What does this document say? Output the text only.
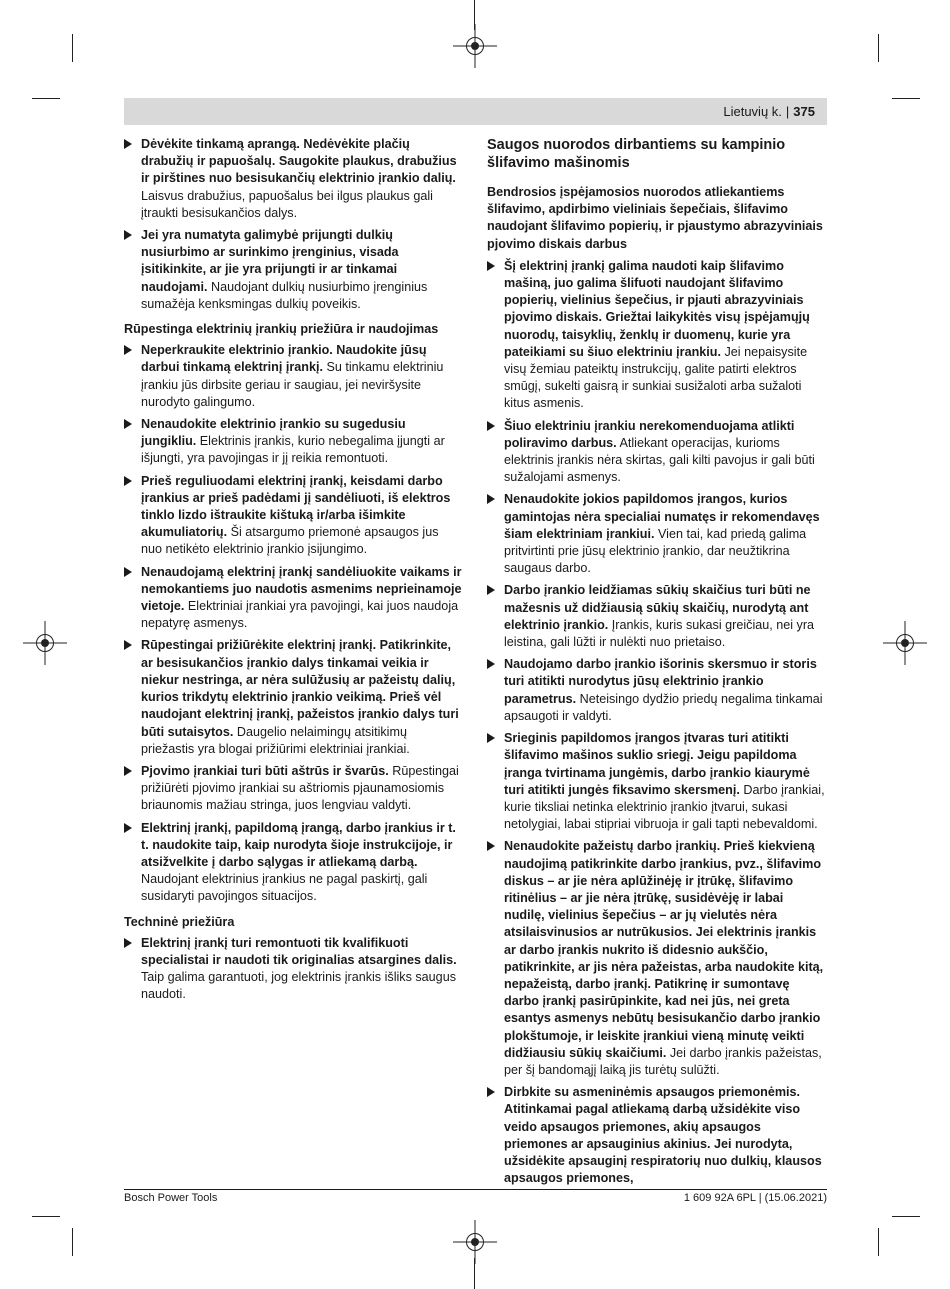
Lietuvių k. | 375
Dėvėkite tinkamą aprangą. Nedėvėkite plačių drabužių ir papuošalų. Saugokite plaukus, drabužius ir pirštines nuo besisukančių elektrinio įrankio dalių. Laisvus drabužius, papuošalus bei ilgus plaukus gali įtraukti besisukančios dalys.
Jei yra numatyta galimybė prijungti dulkių nusiurbimo ar surinkimo įrenginius, visada įsitikinkite, ar jie yra prijungti ir ar tinkamai naudojami. Naudojant dulkių nusiurbimo įrenginius sumažėja kenksmingas dulkių poveikis.
Rūpestinga elektrinių įrankių priežiūra ir naudojimas
Neperkraukite elektrinio įrankio. Naudokite jūsų darbui tinkamą elektrinį įrankį. Su tinkamu elektriniu įrankiu jūs dirbsite geriau ir saugiau, jei neviršysite nurodyto galingumo.
Nenaudokite elektrinio įrankio su sugedusiu jungikliu. Elektrinis įrankis, kurio nebegalima įjungti ar išjungti, yra pavojingas ir jį reikia remontuoti.
Prieš reguliuodami elektrinį įrankį, keisdami darbo įrankius ar prieš padėdami jį sandėliuoti, iš elektros tinklo lizdo ištraukite kištuką ir/arba išimkite akumuliatorių. Ši atsargumo priemonė apsaugos jus nuo netikėto elektrinio įrankio įsijungimo.
Nenaudojamą elektrinį įrankį sandėliuokite vaikams ir nemokantiems juo naudotis asmenims neprieinamoje vietoje. Elektriniai įrankiai yra pavojingi, kai juos naudoja nepatyrę asmenys.
Rūpestingai prižiūrėkite elektrinį įrankį. Patikrinkite, ar besisukančios įrankio dalys tinkamai veikia ir niekur nestringa, ar nėra sulūžusių ar pažeistų dalių, kurios trikdytų elektrinio įrankio veikimą. Prieš vėl naudojant elektrinį įrankį, pažeistos įrankio dalys turi būti sutaisytos. Daugelio nelaimingų atsitikimų priežastis yra blogai prižiūrimi elektriniai įrankiai.
Pjovimo įrankiai turi būti aštrūs ir švarūs. Rūpestingai prižiūrėti pjovimo įrankiai su aštriomis pjaunamosiomis briaunomis mažiau stringa, juos lengviau valdyti.
Elektrinį įrankį, papildomą įrangą, darbo įrankius ir t. t. naudokite taip, kaip nurodyta šioje instrukcijoje, ir atsižvelkite į darbo sąlygas ir atliekamą darbą. Naudojant elektrinius įrankius ne pagal paskirtį, gali susidaryti pavojingos situacijos.
Techninė priežiūra
Elektrinį įrankį turi remontuoti tik kvalifikuoti specialistai ir naudoti tik originalias atsargines dalis. Taip galima garantuoti, jog elektrinis įrankis išliks saugus naudoti.
Saugos nuorodos dirbantiems su kampinio šlifavimo mašinomis
Bendrosios įspėjamosios nuorodos atliekantiems šlifavimo, apdirbimo vieliniais šepečiais, šlifavimo naudojant šlifavimo popierių, ir pjaustymo abrazyviniais pjovimo diskais darbus
Šį elektrinį įrankį galima naudoti kaip šlifavimo mašiną, juo galima šlifuoti naudojant šlifavimo popierių, vielinius šepečius, ir pjauti abrazyviniais pjovimo diskais. Griežtai laikykitės visų įspėjamųjų nuorodų, taisyklių, ženklų ir duomenų, kurie yra pateikiami su šiuo elektriniu įrankiu. Jei nepaisysite visų žemiau pateiktų instrukcijų, galite patirti elektros smūgį, sukelti gaisrą ir sunkiai susižaloti arba sužaloti kitus asmenis.
Šiuo elektriniu įrankiu nerekomenduojama atlikti poliravimo darbus. Atliekant operacijas, kurioms elektrinis įrankis nėra skirtas, gali kilti pavojus ir gali būti sužalojami asmenys.
Nenaudokite jokios papildomos įrangos, kurios gamintojas nėra specialiai numatęs ir rekomendavęs šiam elektriniam įrankiui. Vien tai, kad priedą galima pritvirtinti prie jūsų elektrinio įrankio, dar neužtikrina saugaus darbo.
Darbo įrankio leidžiamas sūkių skaičius turi būti ne mažesnis už didžiausią sūkių skaičių, nurodytą ant elektrinio įrankio. Įrankis, kuris sukasi greičiau, nei yra leistina, gali lūžti ir nulėkti nuo prietaiso.
Naudojamo darbo įrankio išorinis skersmuo ir storis turi atitikti nurodytus jūsų elektrinio įrankio parametrus. Neteisingo dydžio priedų negalima tinkamai apsaugoti ir valdyti.
Srieginis papildomos įrangos įtvaras turi atitikti šlifavimo mašinos suklio sriegį. Jeigu papildoma įranga tvirtinama jungėmis, darbo įrankio kiaurymė turi atitikti jungės fiksavimo skersmenį. Darbo įrankiai, kurie tiksliai netinka elektrinio įrankio įtvarui, sukasi netolygiai, labai stipriai vibruoja ir gali tapti nebevaldomi.
Nenaudokite pažeistų darbo įrankių. Prieš kiekvieną naudojimą patikrinkite darbo įrankius, pvz., šlifavimo diskus – ar jie nėra aplūžinėję ir įtrūkę, šlifavimo ritinėlius – ar jie nėra įtrūkę, susidėvėję ir labai nudilę, vielinius šepečius – ar jų vielutės nėra atsilaisvinusios ar nutrūkusios. Jei elektrinis įrankis ar darbo įrankis nukrito iš didesnio aukščio, patikrinkite, ar jis nėra pažeistas, arba naudokite kitą, nepažeistą, darbo įrankį. Patikrinę ir sumontavę darbo įrankį pasirūpinkite, kad nei jūs, nei greta esantys asmenys nebūtų besisukančio darbo įrankio plokštumoje, ir leiskite įrankiui vieną minutę veikti didžiausiu sūkių skaičiumi. Jei darbo įrankis pažeistas, per šį bandomąjį laiką jis turėtų sulūžti.
Dirbkite su asmeninėmis apsaugos priemonėmis. Atitinkamai pagal atliekamą darbą užsidėkite viso veido apsaugos priemones, akių apsaugos priemones ar apsauginius akinius. Jei nurodyta, užsidėkite apsauginį respiratorių nuo dulkių, klausos apsaugos priemones,
Bosch Power Tools	1 609 92A 6PL | (15.06.2021)
